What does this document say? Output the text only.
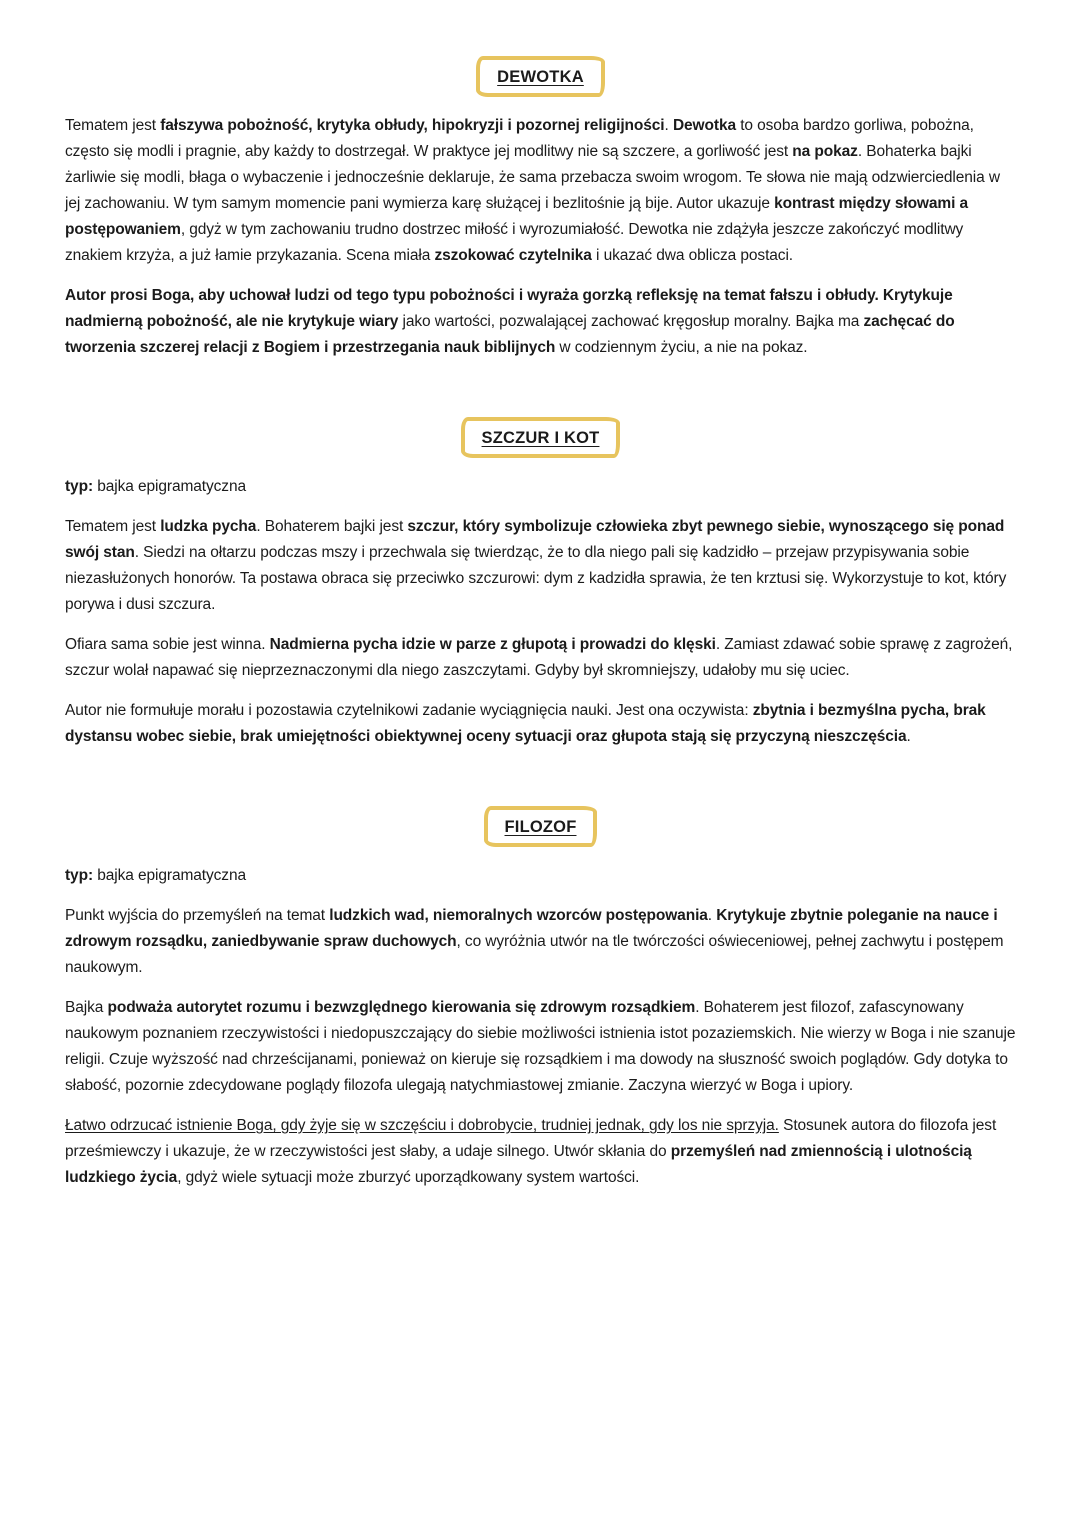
DEWOTKA

Tematem jest fałszywa pobożność, krytyka obłudy, hipokryzji i pozornej religijności. Dewotka to osoba bardzo gorliwa, pobożna, często się modli i pragnie, aby każdy to dostrzegał. W praktyce jej modlitwy nie są szczere, a gorliwość jest na pokaz. Bohaterka bajki żarliwie się modli, błaga o wybaczenie i jednocześnie deklaruje, że sama przebacza swoim wrogom. Te słowa nie mają odzwierciedlenia w jej zachowaniu. W tym samym momencie pani wymierza karę służącej i bezlitośnie ją bije. Autor ukazuje kontrast między słowami a postępowaniem, gdyż w tym zachowaniu trudno dostrzec miłość i wyrozumiałość. Dewotka nie zdążyła jeszcze zakończyć modlitwy znakiem krzyża, a już łamie przykazania. Scena miała zszokować czytelnika i ukazać dwa oblicza postaci.

Autor prosi Boga, aby uchował ludzi od tego typu pobożności i wyraża gorzką refleksję na temat fałszu i obłudy. Krytykuje nadmierną pobożność, ale nie krytykuje wiary jako wartości, pozwalającej zachować kręgosłup moralny. Bajka ma zachęcać do tworzenia szczerej relacji z Bogiem i przestrzegania nauk biblijnych w codziennym życiu, a nie na pokaz.

SZCZUR I KOT

typ: bajka epigramatyczna

Tematem jest ludzka pycha. Bohaterem bajki jest szczur, który symbolizuje człowieka zbyt pewnego siebie, wynoszącego się ponad swój stan. Siedzi na ołtarzu podczas mszy i przechwala się twierdząc, że to dla niego pali się kadzidło – przejaw przypisywania sobie niezasłużonych honorów. Ta postawa obraca się przeciwko szczurowi: dym z kadzidła sprawia, że ten krztusi się. Wykorzystuje to kot, który porywa i dusi szczura.

Ofiara sama sobie jest winna. Nadmierna pycha idzie w parze z głupotą i prowadzi do klęski. Zamiast zdawać sobie sprawę z zagrożeń, szczur wolał napawać się nieprzeznaczonymi dla niego zaszczytami. Gdyby był skromniejszy, udałoby mu się uciec.

Autor nie formułuje morału i pozostawia czytelnikowi zadanie wyciągnięcia nauki. Jest ona oczywista: zbytnia i bezmyślna pycha, brak dystansu wobec siebie, brak umiejętności obiektywnej oceny sytuacji oraz głupota stają się przyczyną nieszczęścia.

FILOZOF

typ: bajka epigramatyczna

Punkt wyjścia do przemyśleń na temat ludzkich wad, niemoralnych wzorców postępowania. Krytykuje zbytnie poleganie na nauce i zdrowym rozsądku, zaniedbywanie spraw duchowych, co wyróżnia utwór na tle twórczości oświeceniowej, pełnej zachwytu i postępem naukowym.

Bajka podważa autorytet rozumu i bezwzględnego kierowania się zdrowym rozsądkiem. Bohaterem jest filozof, zafascynowany naukowym poznaniem rzeczywistości i niedopuszczający do siebie możliwości istnienia istot pozaziemskich. Nie wierzy w Boga i nie szanuje religii. Czuje wyższość nad chrześcijanami, ponieważ on kieruje się rozsądkiem i ma dowody na słuszność swoich poglądów. Gdy dotyka to słabość, pozornie zdecydowane poglądy filozofa ulegają natychmiastowej zmianie. Zaczyna wierzyć w Boga i upiory.

Łatwo odrzucać istnienie Boga, gdy żyje się w szczęściu i dobrobycie, trudniej jednak, gdy los nie sprzyja. Stosunek autora do filozofa jest prześmiewczy i ukazuje, że w rzeczywistości jest słaby, a udaje silnego. Utwór skłania do przemyśleń nad zmiennością i ulotnością ludzkiego życia, gdyż wiele sytuacji może zburzyć uporządkowany system wartości.
